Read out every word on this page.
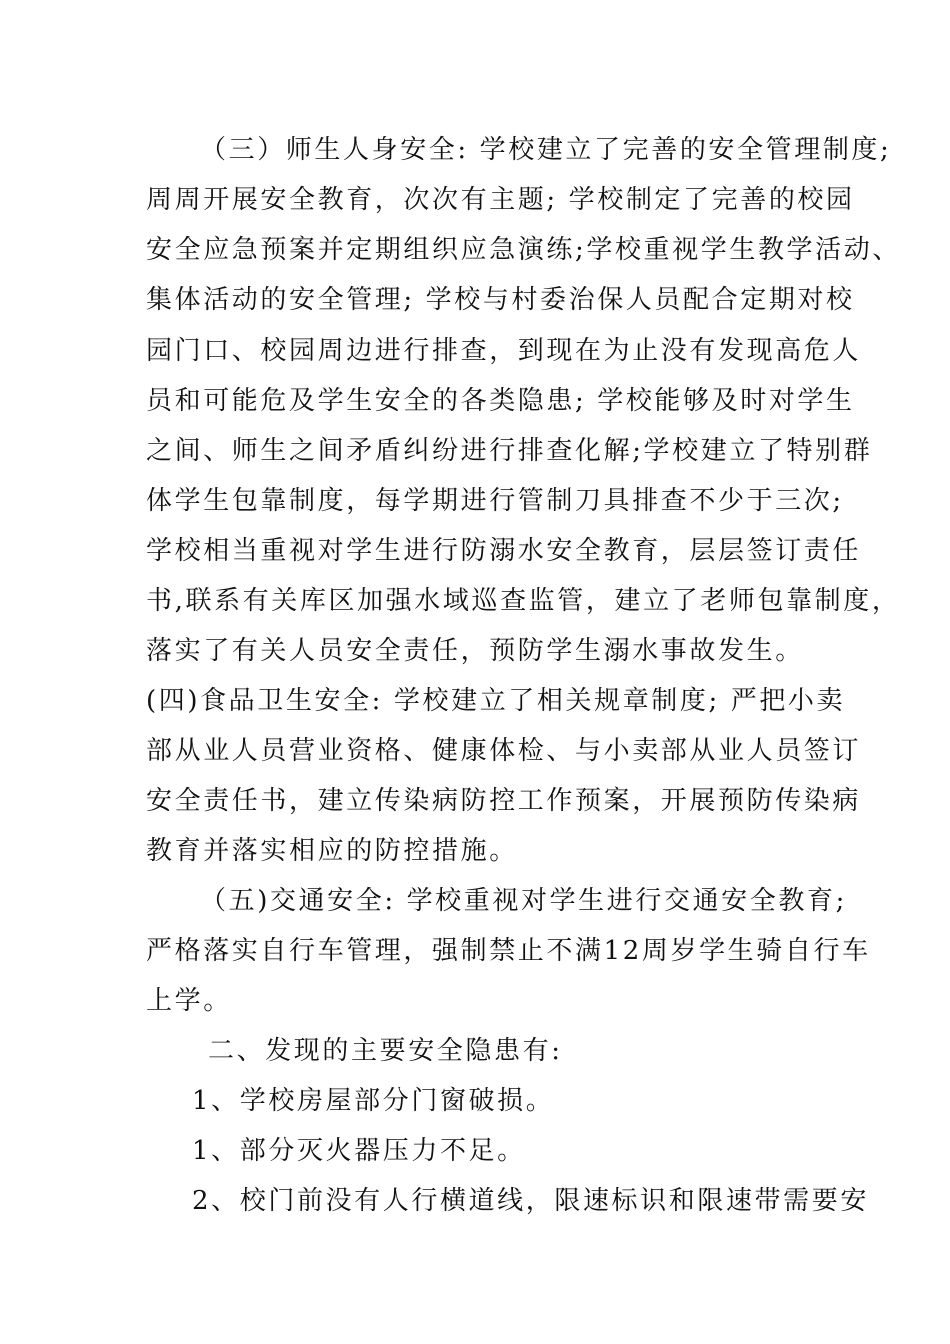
（三）师生人身安全: 学校建立了完善的安全管理制度;
周周开展安全教育，次次有主题; 学校制定了完善的校园
安全应急预案并定期组织应急演练;学校重视学生教学活动、
集体活动的安全管理; 学校与村委治保人员配合定期对校
园门口、校园周边进行排查，到现在为止没有发现高危人
员和可能危及学生安全的各类隐患; 学校能够及时对学生
之间、师生之间矛盾纠纷进行排查化解;学校建立了特别群
体学生包靠制度，每学期进行管制刀具排查不少于三次;
学校相当重视对学生进行防溺水安全教育，层层签订责任
书,联系有关库区加强水域巡查监管，建立了老师包靠制度，
落实了有关人员安全责任，预防学生溺水事故发生。
(四)食品卫生安全: 学校建立了相关规章制度; 严把小卖
部从业人员营业资格、健康体检、与小卖部从业人员签订
安全责任书，建立传染病防控工作预案，开展预防传染病
教育并落实相应的防控措施。
（五)交通安全: 学校重视对学生进行交通安全教育;
严格落实自行车管理，强制禁止不满12周岁学生骑自行车
上学。
二、发现的主要安全隐患有:
1、学校房屋部分门窗破损。
1、部分灭火器压力不足。
2、校门前没有人行横道线，限速标识和限速带需要安
